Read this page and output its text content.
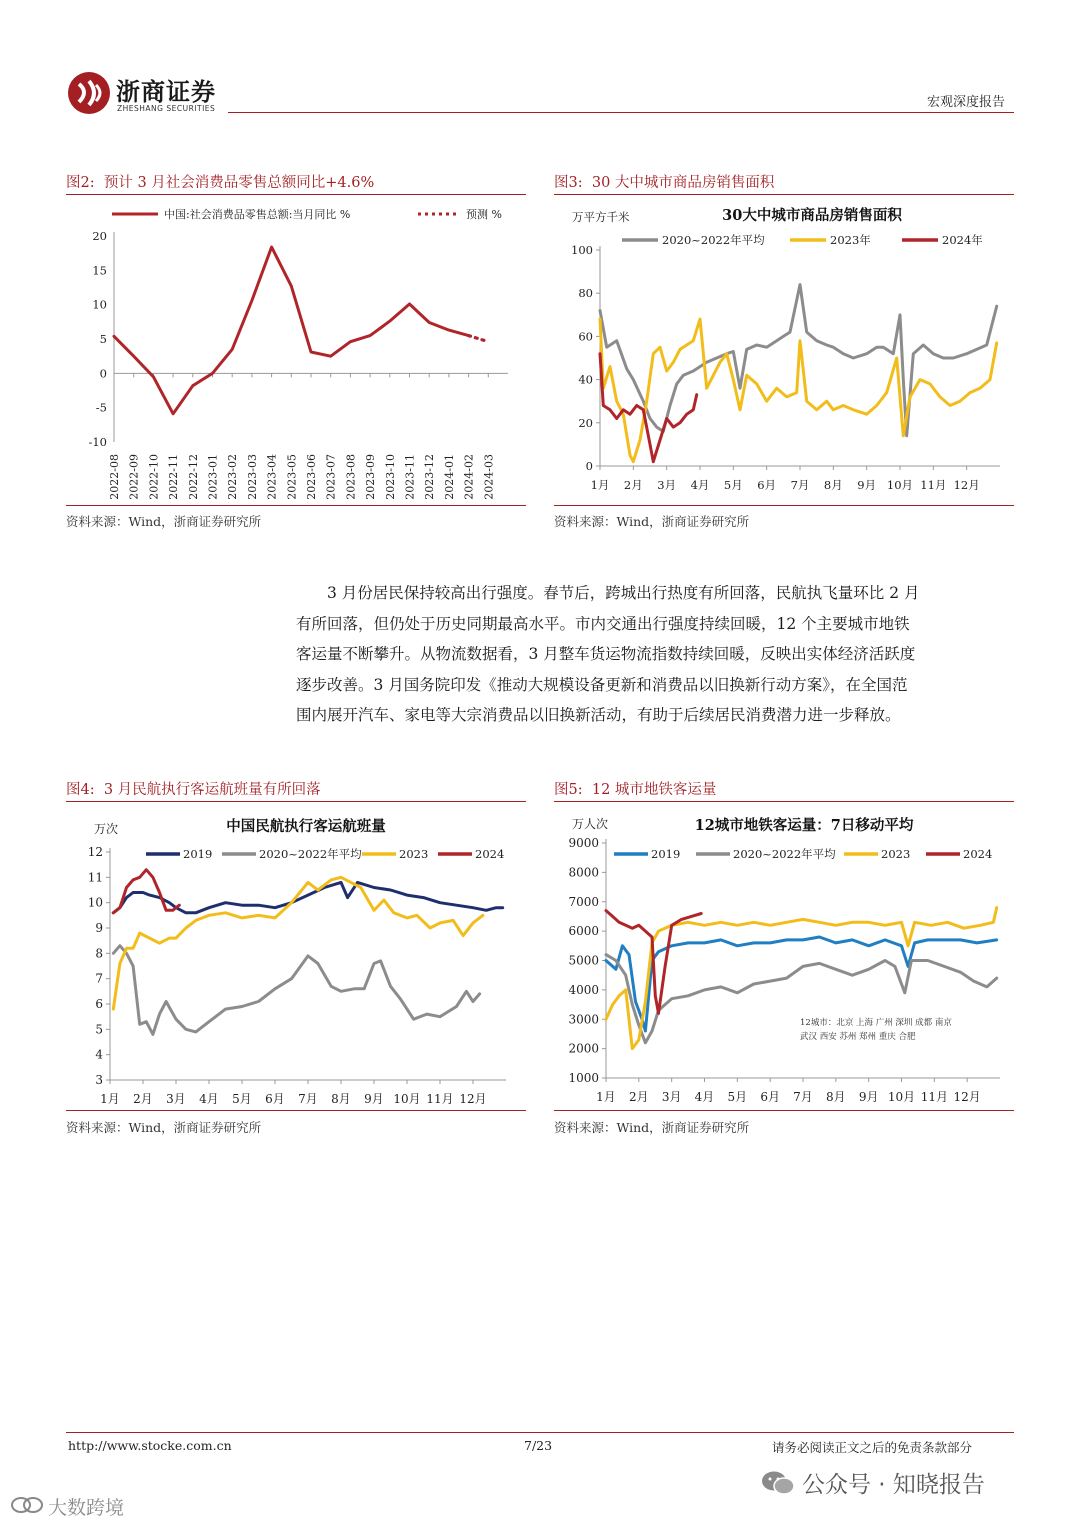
浙商证券
ZHESHANG SECURITIES	宏观深度报告
图2: 预计 3 月社会消费品零售总额同比+4.6%	图3: 30 大中城市商品房销售面积
中国:社会消费品零售总额:当月同比 %	预测 %
-10
-5
0
5
10
15
20
2022-08 2022-09 2022-10 2022-11 2022-12 2023-01 2023-02 2023-03 2023-04 2023-05 2023-06 2023-07 2023-08 2023-09 2023-10 2023-11 2023-12 2024-01 2024-02 2024-03
资料来源：Wind，浙商证券研究所
万平方千米	30大中城市商品房销售面积
2020~2022年平均	2023年	2024年
0
20
40
60
80
100
1月 2月 3月 4月 5月 6月 7月 8月 9月 10月 11月 12月
资料来源：Wind，浙商证券研究所
3 月份居民保持较高出行强度。春节后，跨城出行热度有所回落，民航执飞量环比 2 月
有所回落，但仍处于历史同期最高水平。市内交通出行强度持续回暖，12 个主要城市地铁
客运量不断攀升。从物流数据看，3 月整车货运物流指数持续回暖，反映出实体经济活跃度
逐步改善。3 月国务院印发《推动大规模设备更新和消费品以旧换新行动方案》，在全国范
围内展开汽车、家电等大宗消费品以旧换新活动，有助于后续居民消费潜力进一步释放。
图4: 3 月民航执行客运航班量有所回落	图5: 12 城市地铁客运量
万次	中国民航执行客运航班量
2019	2020~2022年平均	2023	2024
3
4
5
6
7
8
9
10
11
12
1月 2月 3月 4月 5月 6月 7月 8月 9月 10月 11月 12月
资料来源：Wind，浙商证券研究所
万人次	12城市地铁客运量：7日移动平均
2019	2020~2022年平均	2023	2024
12城市：北京 上海 广州 深圳 成都 南京
武汉 西安 苏州 郑州 重庆 合肥
1000
2000
3000
4000
5000
6000
7000
8000
9000
1月 2月 3月 4月 5月 6月 7月 8月 9月 10月 11月 12月
资料来源：Wind，浙商证券研究所
http://www.stocke.com.cn	7/23	请务必阅读正文之后的免责条款部分
公众号 · 知晓报告
大数跨境
